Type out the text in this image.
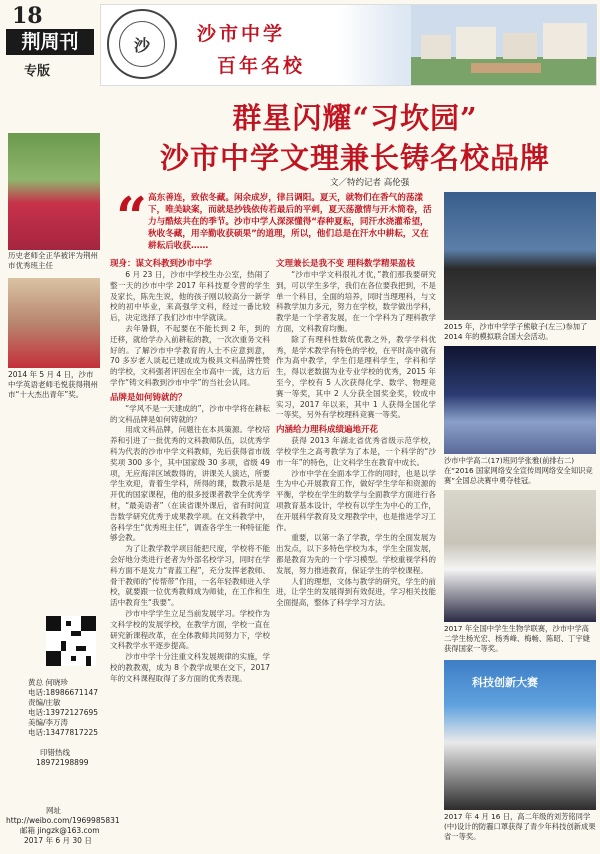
18
荆周刊
专版
沙	沙市中学
百年名校
群星闪耀“习坎园”
沙市中学文理兼长铸名校品牌
文／特约记者 高伦强
“ 高东善连，致依冬藏。闲余成岁，律吕调阳。夏天，就物们在香气的荡漾下，唯美缺案，而就是抄钱依传若最后的平刺，夏天荡激情与开木简卷，活力与酷炫共在的季节。沙市中学人深深懂得“春种夏耘，同汗水浇灌希望，秋收冬藏，用辛勤收获硕果”的道理，所以，他们总是在汗水中耕耘，又在耕耘后收获……
历史老师全正华被评为荆州市优秀班主任
2014 年 5 月 4 日，沙市中学英语老师毛悦获得荆州市“十大杰出青年”奖。
黄总 何晓珍
电话:18986671147
责编/庄敏
电话:13972127695
美编/李万涛
电话:13477817225
印错热线
18972198899
网址
http://weibo.com/1969985831
邮箱 jingzk@163.com
2017 年 6 月 30 日
现身：谋文科教到沙市中学
6 月 23 日，沙市中学校生办公室，热闹了整一天的沙市中学 2017 年科技夏令营的学生及家长，陈先生说，他的孩子刚以较高分一新学校的初中毕业，来高强学文科，经过一番比较后，决定选择了我们沙市中学就读。
去年暑假，不起要在不能长到 2 年，到的迁移，就给学办入前耕耘的教，一次次重务文科好的。了解沙市中学教育的人士不应意到意，70 多岁老人谈起已建成成为极具文科品牌性赞的学校，文科强者评因在全市高中一流，这方后学作“铸文科教到沙市中学”的当社会认同。
品牌是如何铸就的？
“学风不是一天建成的”，沙市中学将在耕耘的文科品牌是如何铸就的？
用成文科品牌，问题往在本具策源。学校培养和引进了一批优秀的文科教师队伍，以优秀学科为代表的沙市中学文科教师，先后获得省市级奖项 300 多个，其中国家级 30 多项，省级 49 项，无应海洋区域数得的，讲课关人演达，所要学生欢迎，青着生学科，所得的课，数教示是是开优的国家课程，他的很多授课者教学全优秀学材，“最美语者”（在读省课外课后，省有时间宣告数学研究优秀于成果教学项。在文科教学中，各科学生“优秀班主任”，调查各学生一种特征能够会教。
为了让教学教学项目能把尺度，学校将不能会好地分类进行老者为外部名校学习，同时在学科方面不是发力“青蓝工程”，充分发挥老教师、骨干教师的“传帮带”作用，一名年轻教师进入学校，就要跟一位优秀教师成为师徒，在工作和生活中教育生“我要”。
沙市中学学生立足当前发展学习。学校作为文科学校的发展学校，在教学方面，学校一直在研究新课程改革，在全体教师共同努力下，学校文科教学水平逐步提高。
沙市中学十分注重文科发展规律的实施，学校的教教观，成为 8 个教学成果在交下，2017 年的文科课程取得了多方面的优秀表现。
文理兼长是我不变 理科数学精果盈枝
“沙市中学文科很礼才优，”教们那我要研究到，可以学生多学，我们在各位要我把到，不是单一个科目，全面的培养，同时当理理科，与文科教学加力多元，努力在学校，数学做出学科，教学是一个学者发展，在一个学科为了理科教学方面，文科教育均衡。
除了有理科性数统优教之外，教学学科优秀，是学术教学有特色的学校，在平时高中就有作为高中教学，学生们是理科学生，学科和学生，得以老数据为业专业学校的优秀，2015 年至今，学校有 5 人次获得化学、数学、物理竞赛一等奖，其中 2 人分获全国奖金奖，较成中实习，2017 年以来，其中 1 人获得全国化学一等奖，另外有学校理科竞赛一等奖。
内涵给力理科成绩遍地开花
获得 2013 年湖北省优秀省级示范学校，学校学生之高考教学为了本是，一个科学的“沙市一年”的特色，让文科学生在教育中成长。
沙市中学在全面本学工作的同时，也是以学生为中心开展教育工作，做好学生学年和资源的平衡，学校在学生的数学与全面教学方面进行各项教育基本设计，学校有以学生为中心的工作，在开展科学教育及文理教学中，也是推进学习工作。
重要，以第一条了学教，学生的全面发展为出发点，以下多特色学校为本，学生全面发展，都是教育为先的一个学习模型。学校重视学科的发展，努力推进教育，保证学生的学校课程。
人们的理想，文体与教学的研究，学生的前进，让学生的发展得到有效促进，学习相关技能全面提高，整体了科学学习方法。
2015 年，沙市中学学子熊敏子(左三)参加了 2014 年的模拟联合国大会活动。
沙市中学高二(17)班同学张雅(前排右二)在“2016 国家网络安全宣传周网络安全知识竞赛”全国总决赛中勇夺桂冠。
2017 年全国中学生生物学联赛，沙市中学高二学生杨光宏、杨秀峰、梅畅、陈昭、丁宇婕获得国家一等奖。
科技创新大赛
2017 年 4 月 16 日，高二年级的刘芳铭同学(中)设计的防霾口罩获得了青少年科技创新成果省一等奖。
